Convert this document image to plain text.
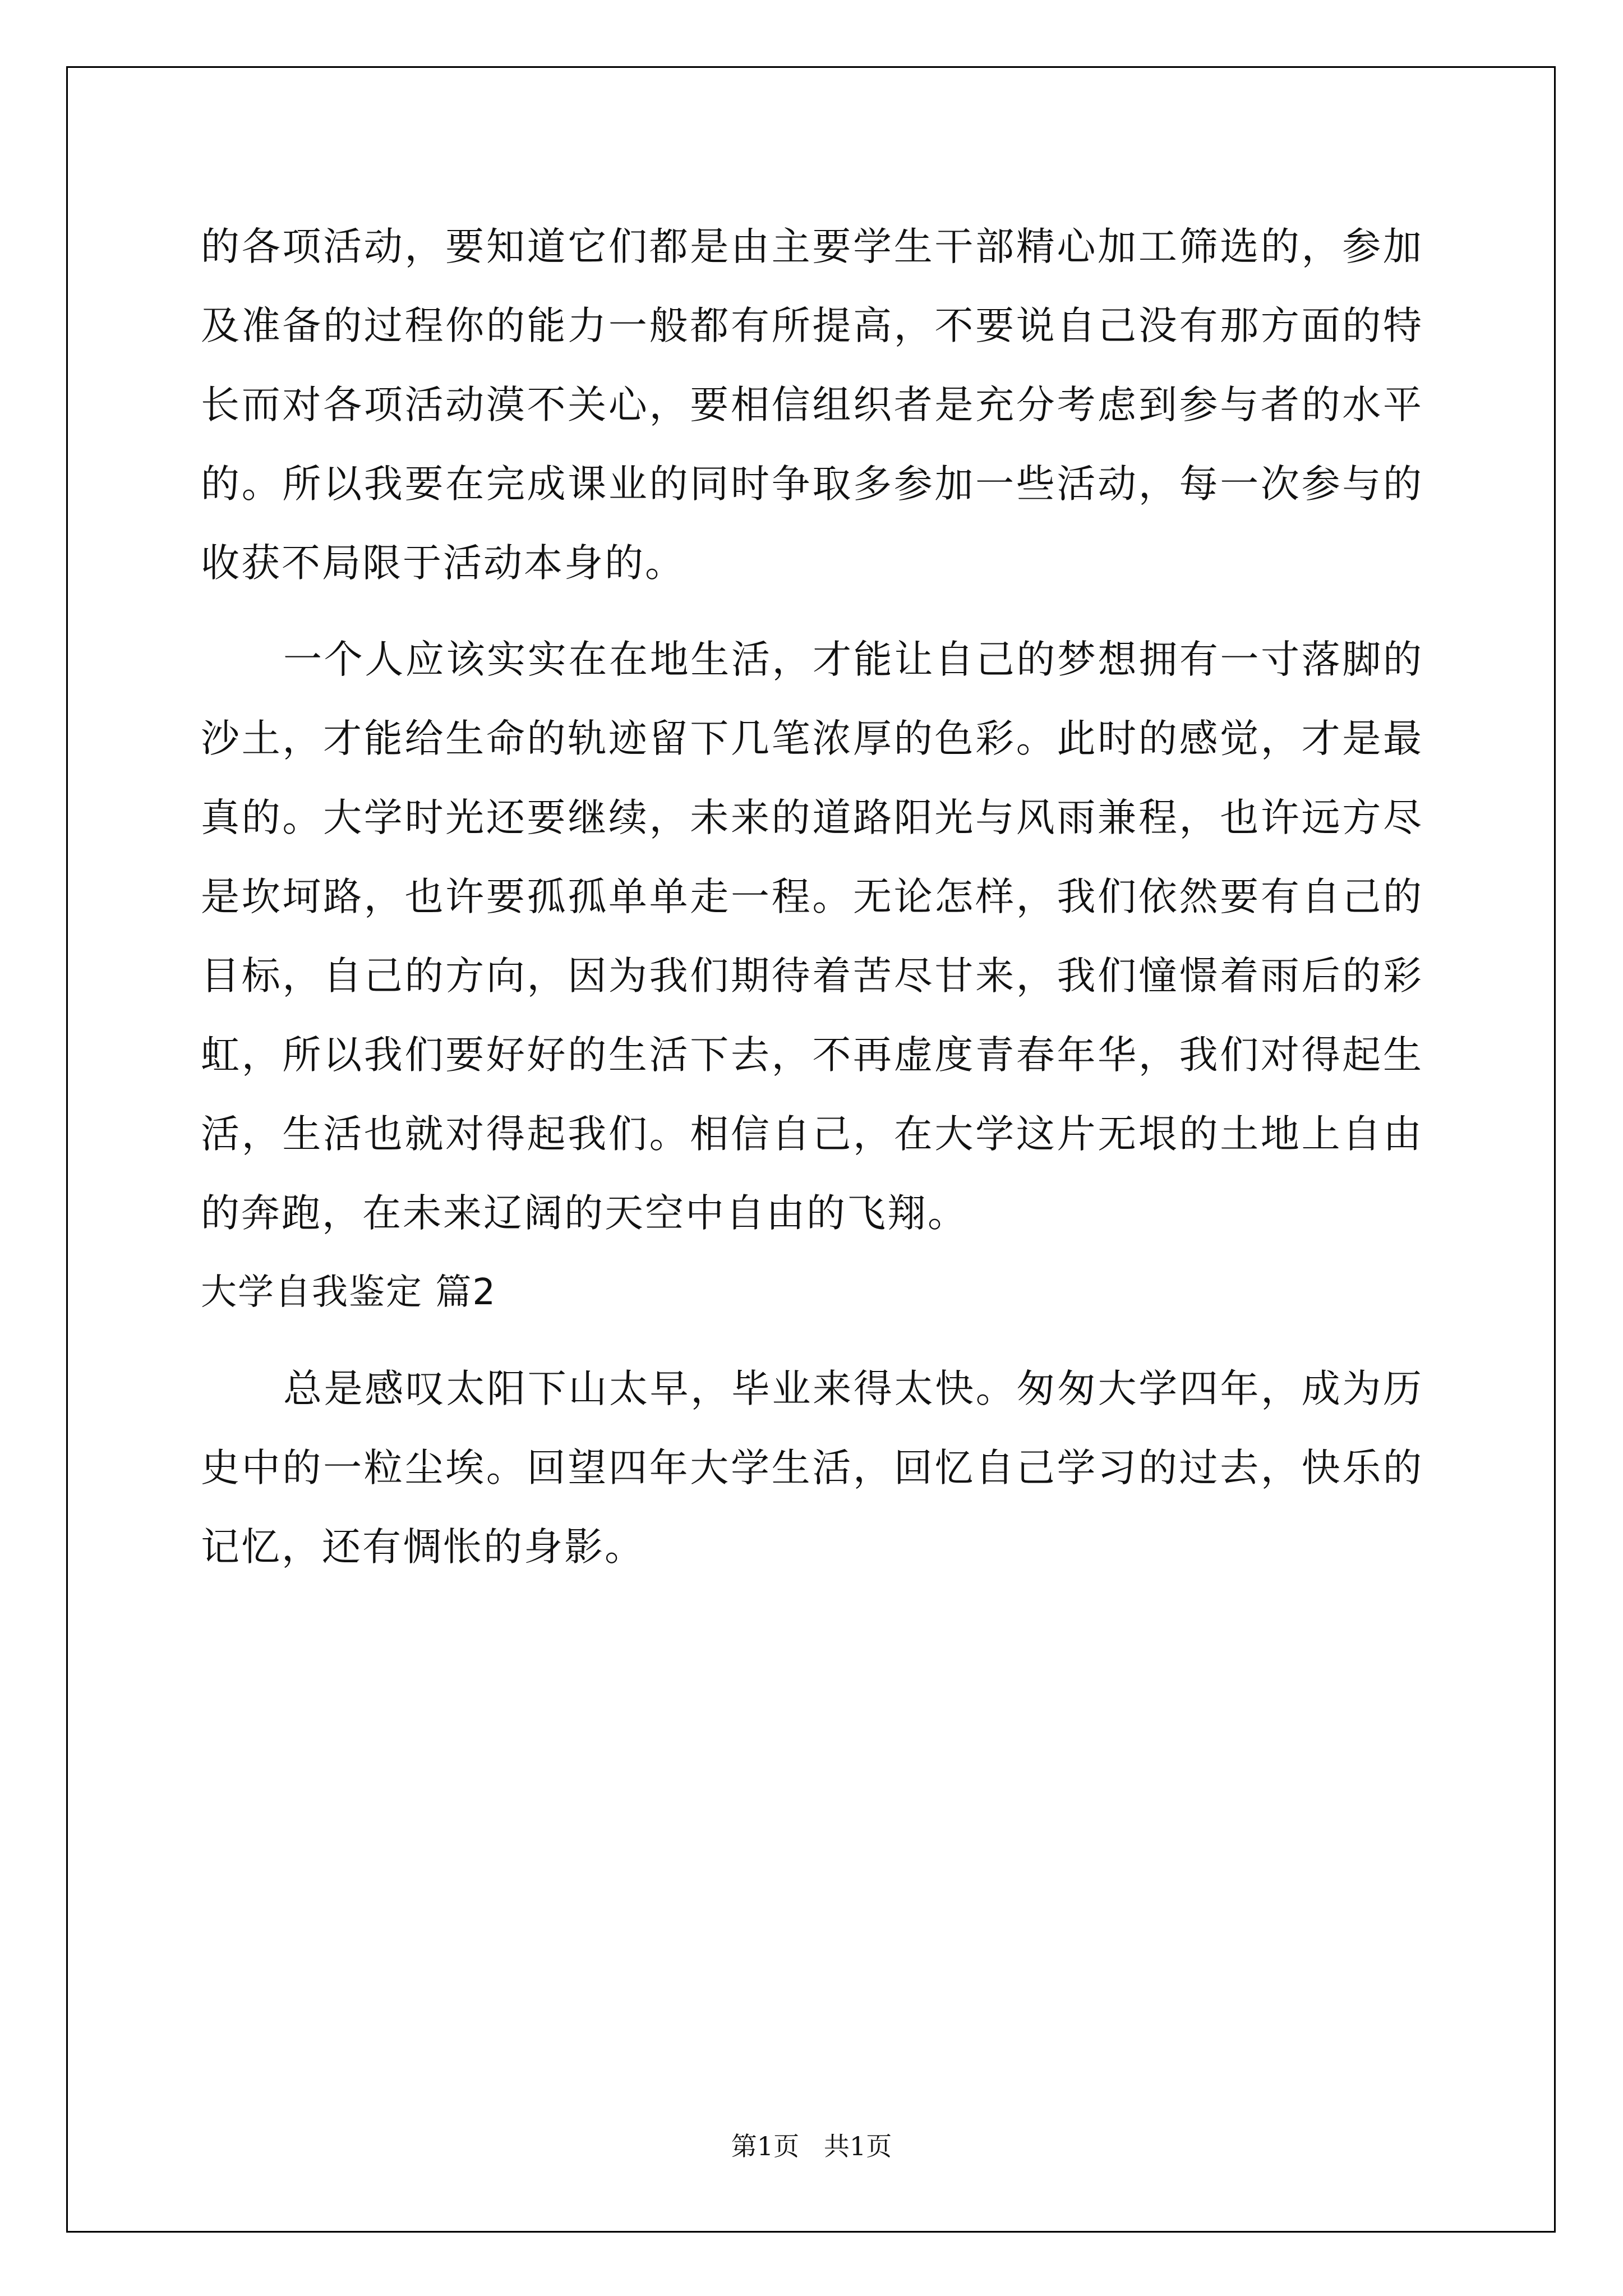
的各项活动，要知道它们都是由主要学生干部精心加工筛选的，参加及准备的过程你的能力一般都有所提高，不要说自己没有那方面的特长而对各项活动漠不关心，要相信组织者是充分考虑到参与者的水平的。所以我要在完成课业的同时争取多参加一些活动，每一次参与的收获不局限于活动本身的。

一个人应该实实在在地生活，才能让自己的梦想拥有一寸落脚的沙土，才能给生命的轨迹留下几笔浓厚的色彩。此时的感觉，才是最真的。大学时光还要继续，未来的道路阳光与风雨兼程，也许远方尽是坎坷路，也许要孤孤单单走一程。无论怎样，我们依然要有自己的目标，自己的方向，因为我们期待着苦尽甘来，我们憧憬着雨后的彩虹，所以我们要好好的生活下去，不再虚度青春年华，我们对得起生活，生活也就对得起我们。相信自己，在大学这片无垠的土地上自由的奔跑，在未来辽阔的天空中自由的飞翔。

大学自我鉴定 篇2

总是感叹太阳下山太早，毕业来得太快。匆匆大学四年，成为历史中的一粒尘埃。回望四年大学生活，回忆自己学习的过去，快乐的记忆，还有惆怅的身影。

第1页   共1页
